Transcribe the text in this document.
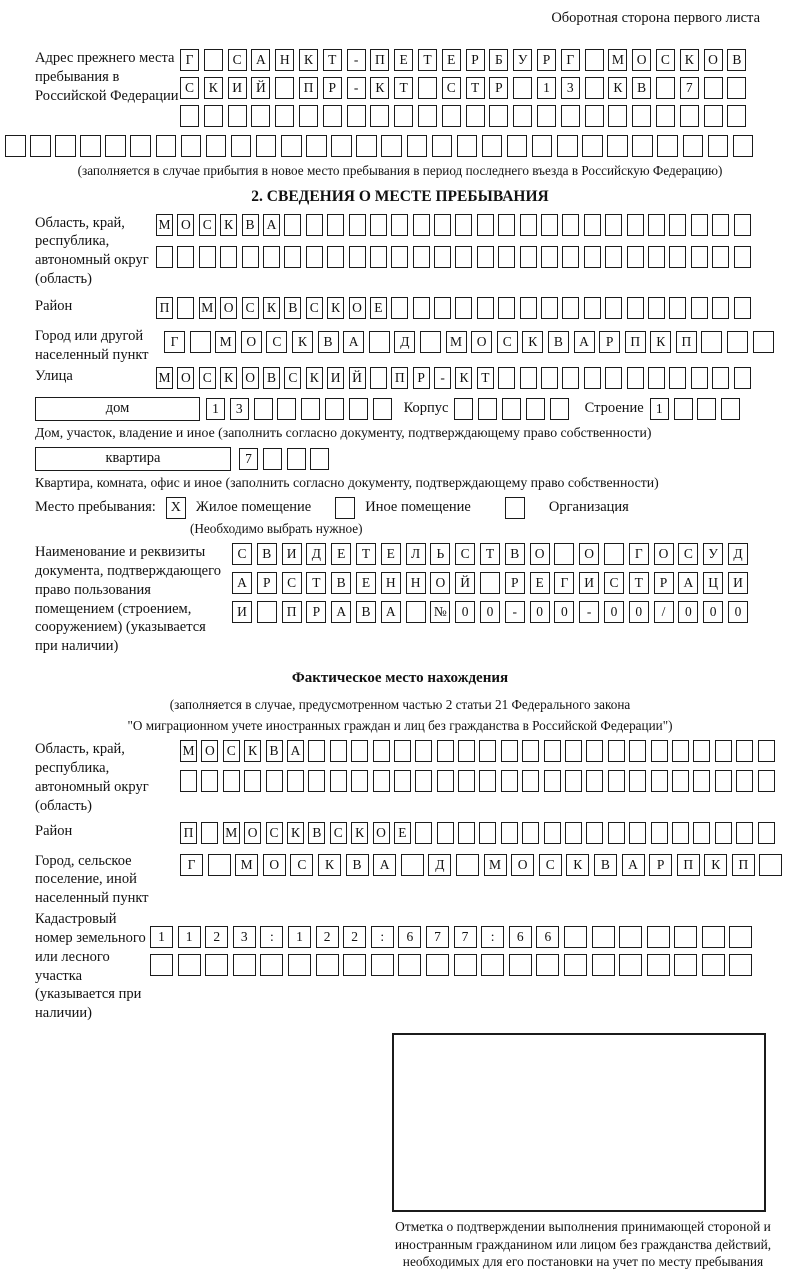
Оборотная сторона первого листа
Адрес прежнего места пребывания в Российской Федерации
Г	С	А	Н	К	Т	-	П	Е	Т	Е	Р	Б	У	Р	Г	М О	С	К	О	В
С	К	И	Й	П	Р	-	К	Т	С	Т	Р	1	3	К	В	7
(заполняется в случае прибытия в новое место пребывания в период последнего въезда в Российскую Федерацию)
2. СВЕДЕНИЯ О МЕСТЕ ПРЕБЫВАНИЯ
Область, край, республика, автономный округ (область)
М О С К В А
Район	П М О С К В С К О Е
Город или другой населенный пункт
Г	М	О	С	К	В	А	Д	М	О	С	К	В	А	Р	П	К	П
Улица	М О С К О В С К И Й П Р	-	К Т
дом	1	3	Корпус	Строение 1
Дом, участок, владение и иное (заполнить согласно документу, подтверждающему право собственности)
квартира	7
Квартира, комната, офис и иное (заполнить согласно документу, подтверждающему право собственности)
Место пребывания:	X	Жилое помещение	Иное помещение	Организация
(Необходимо выбрать нужное)
Наименование и реквизиты документа, подтверждающего право пользования помещением (строением, сооружением) (указывается при наличии)
С	В	И	Д	Е	Т	Е	Л	Ь	С	Т	В	О	О	Г	О	С	У	Д
А	Р	С	Т	В	Е	Н	Н	О	Й	Р	Е	Г	И	С	Т	Р	А	Ц	И
И	П	Р	А	В	А	№	0	0	-	0	0	-	0	0	/	0	0	0
Фактическое место нахождения
(заполняется в случае, предусмотренном частью 2 статьи 21 Федерального закона
"О миграционном учете иностранных граждан и лиц без гражданства в Российской Федерации")
Область, край, республика, автономный округ (область)
М О С К В А
Район	П М О С К В С К О Е
Город, сельское поселение, иной населенный пункт
Г	М	О	С	К	В	А	Д	М	О	С	К	В	А	Р	П	К	П
Кадастровый номер земельного или лесного участка (указывается при наличии)
1	1	2	3	:	1	2	2	:	6	7	7	:	6	6
Отметка о подтверждении выполнения принимающей стороной и иностранным гражданином или лицом без гражданства действий, необходимых для его постановки на учет по месту пребывания
